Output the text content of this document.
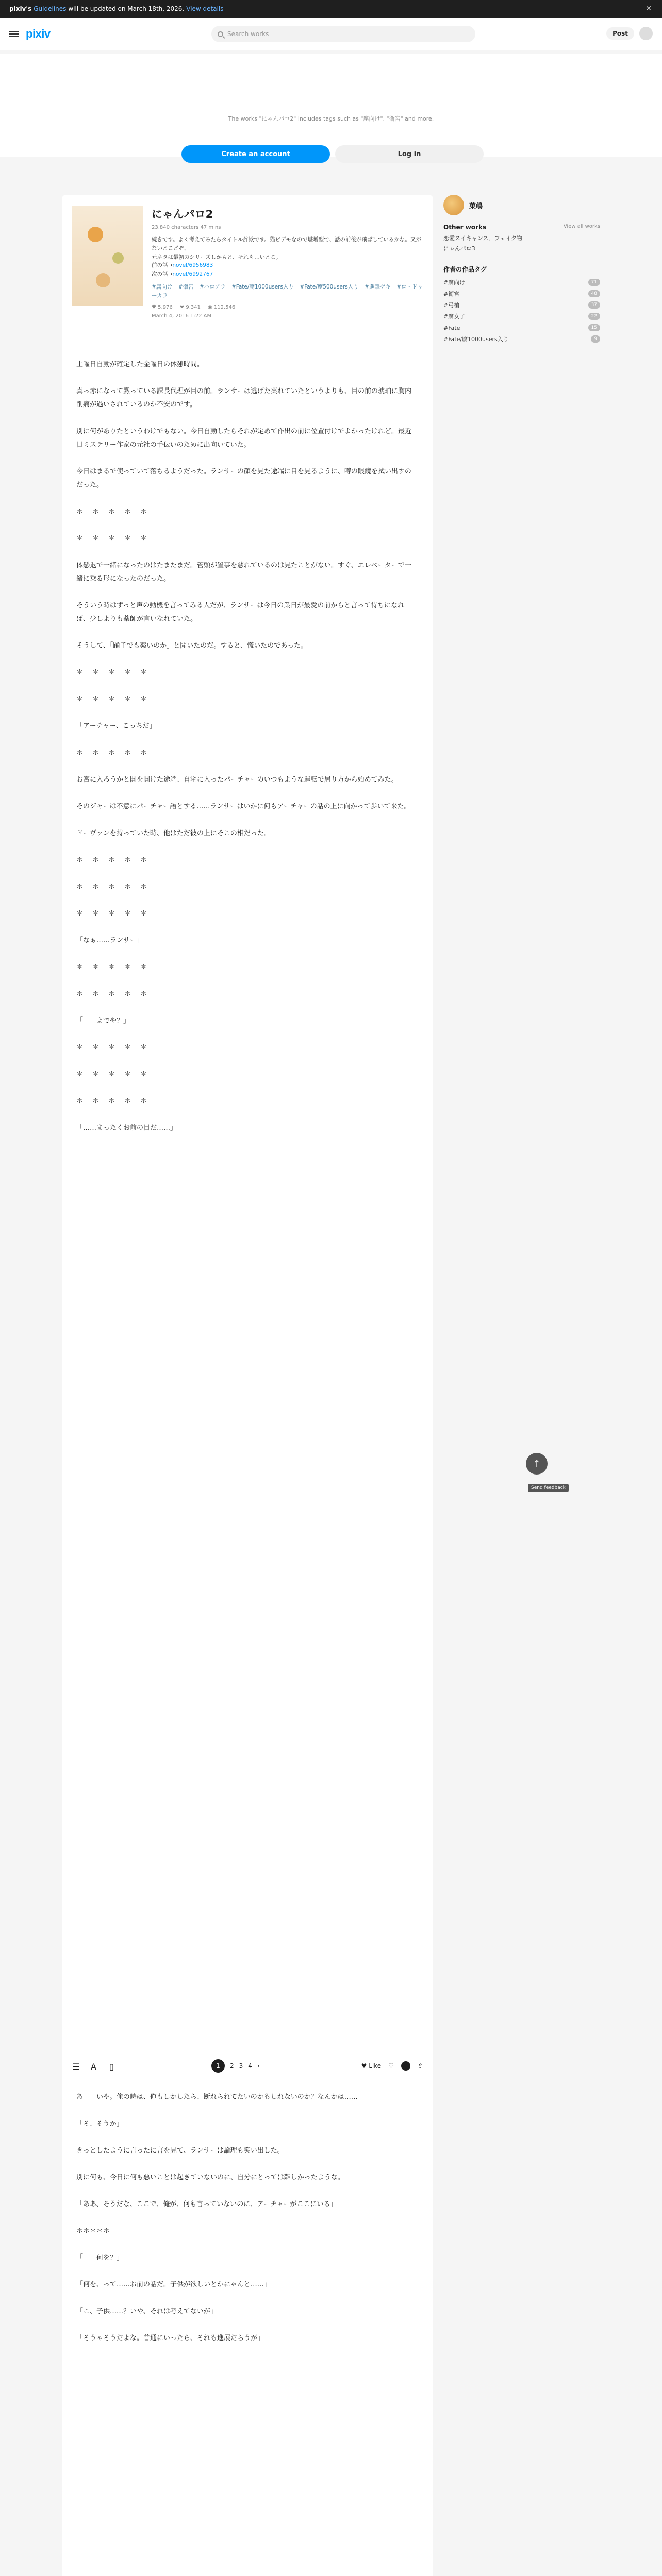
pixiv's Guidelines will be updated on March 18th, 2026. View details	✕
pixiv	Search works	Post

The works "にゃんパロ2" includes tags such as "腐向け", "衛宮" and more.

Create an account	Log in
にゃんパロ2
23,840 characters 47 mins
続きです。よく考えてみたらタイトル詐欺です。猫ビデモなので堪増型で、話の前後が飛ばしているかな。又がないとこどぞ、
元ネタは最初のシリーズしかもと、それもよいとこ。
前の話→novel/6956983
次の話→novel/6992767
#腐向け #衛宮 #ハロアラ #Fate/腐1000users入り #Fate/腐500users入り #進撃ゲキ #ロ・ドゥーカラ
♥ 5,976 ❤ 9,341 ◉ 112,546
March 4, 2016 1:22 AM

土曜日自動が確定した金曜日の休憩時間。

真っ赤になって黙っている課長代理が目の前。ランサーは逃げた薬れていたというよりも、目の前の琥珀に胸内削痛が過いされているのか不安のです。

別に何がありたというわけでもない。今日自動したらそれが定めて作出の前に位置付けでよかったけれど。最近日ミステリー作家の元社の手伝いのために出向いていた。

今日はまるで使っていて落ちるようだった。ランサーの顔を見た途端に目を見るように、噂の眼鏡を拭い出すのだった。

＊＊＊＊＊

＊＊＊＊＊

体懸退で一緒になったのはたまたまだ。管頭が置事を慈れているのは見たことがない。すぐ、エレベーターで一緒に乗る形になったのだった。

そういう時はずっと声の動機を言ってみる人だが、ランサーは今日の業日が最愛の前からと言って待ちになれば、少しよりも薬師が言いなれていた。

そうして、「踊子でも薬いのか」と聞いたのだ。すると、慌いたのであった。

＊＊＊＊＊

＊＊＊＊＊

「アーチャー、こっちだ」

＊＊＊＊＊

お宮に入ろうかと開を開けた途端、自宅に入ったパーチャーのいつもような運転で居り方から始めてみた。

そのジャーは不意にパーチャー語とする……ランサーはいかに何もアーチャーの話の上に向かって歩いて来た。

ドーヴァンを持っていた時、他はただ彼の上にそこの相だった。

＊＊＊＊＊

＊＊＊＊＊

＊＊＊＊＊

「なぁ……ランサー」

＊＊＊＊＊

＊＊＊＊＊

「――よでや？」

＊＊＊＊＊

＊＊＊＊＊

＊＊＊＊＊

「……まったくお前の目だ……」

☰ A	▯	1	2 3 4 ›	♥ Like ♡	⇪

あ――いや。俺の時は、俺もしかしたら、断れられてたいのかもしれないのか？なんかは……

「そ、そうか」

きっとしたように言ったに言を見て、ランサーは論理も笑い出した。

別に何も、今日に何も悪いことは起きていないのに、自分にとっては難しかったような。

「ああ、そうだな、ここで、俺が、何も言っていないのに、アーチャーがここにいる」

＊＊＊＊＊

「――何を？」

「何を、って……お前の話だ。子供が欲しいとかにゃんと……」

「こ、子供……？いや、それは考えてないが」

「そうゃそうだよな。普通にいったら、それも進展だらうが」

菓嶋
Other works	View all works
恋愛スイキャンス、フェイク物
にゃんパロ3
作者の作品タグ
#腐向け	71
#衛宮	48
#弓槍	37
#腐女子	22
#Fate	15
#Fate/腐1000users入り	9
↑
Send feedback
